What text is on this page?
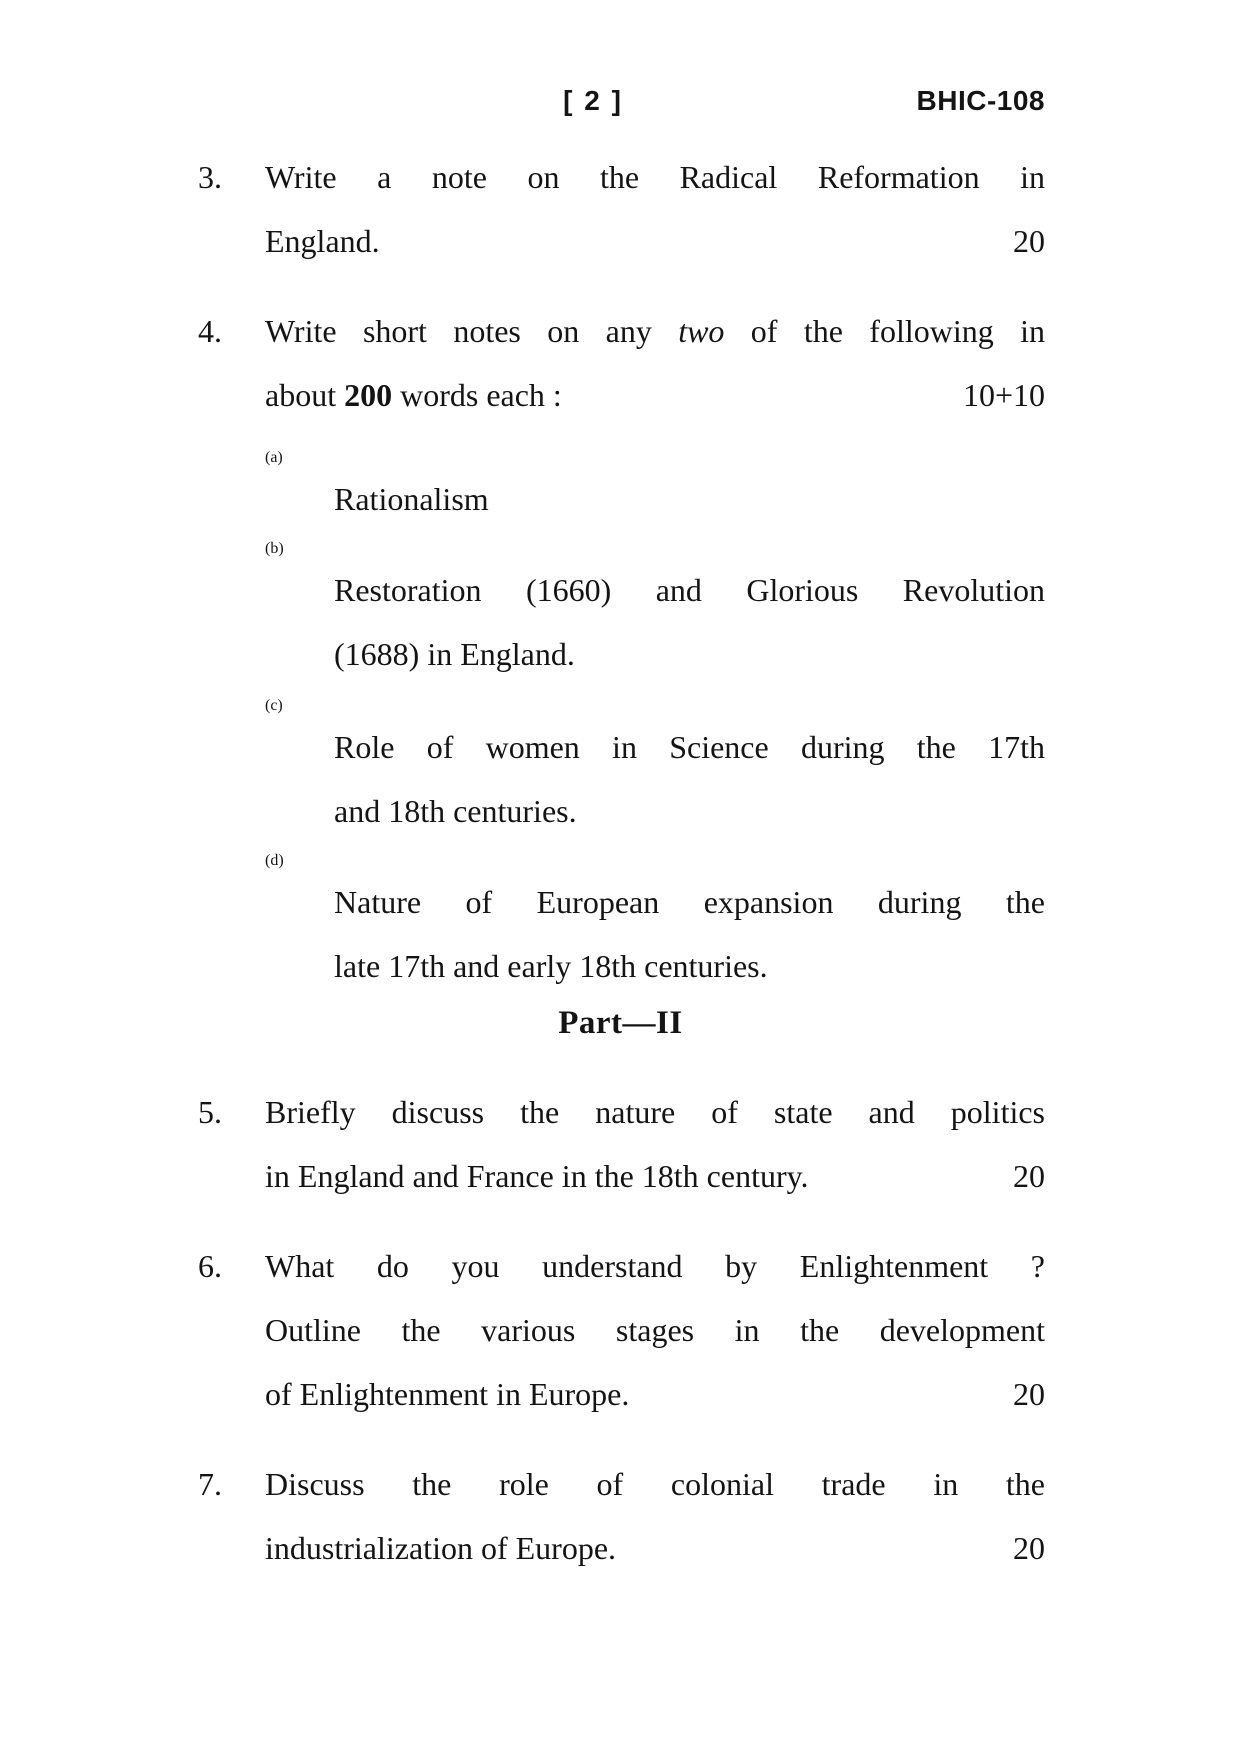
[ 2 ]	BHIC-108
3. Write a note on the Radical Reformation in
England.	20
4. Write short notes on any two of the following in
about 200 words each :	10+10
(a)
Rationalism
(b)
Restoration (1660) and Glorious Revolution
(1688) in England.
(c)
Role of women in Science during the 17th
and 18th centuries.
(d)
Nature of European expansion during the
late 17th and early 18th centuries.
Part—II
5. Briefly discuss the nature of state and politics
in England and France in the 18th century.	20
6. What do you understand by Enlightenment ?
Outline the various stages in the development
of Enlightenment in Europe.	20
7. Discuss the role of colonial trade in the
industrialization of Europe.	20
